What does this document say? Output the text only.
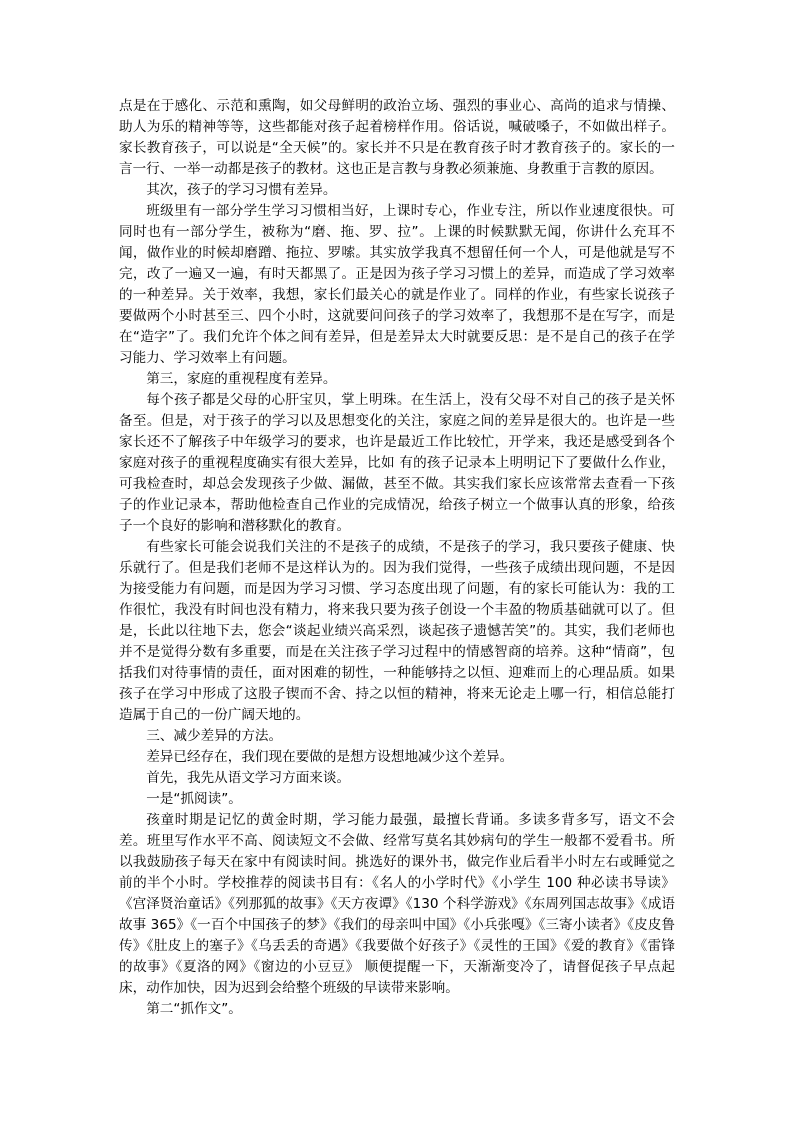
点是在于感化、示范和熏陶，如父母鲜明的政治立场、强烈的事业心、高尚的追求与情操、助人为乐的精神等等，这些都能对孩子起着榜样作用。俗话说，喊破嗓子，不如做出样子。家长教育孩子，可以说是“全天候”的。家长并不只是在教育孩子时才教育孩子的。家长的一言一行、一举一动都是孩子的教材。这也正是言教与身教必须兼施、身教重于言教的原因。

其次，孩子的学习习惯有差异。

班级里有一部分学生学习习惯相当好，上课时专心，作业专注，所以作业速度很快。可同时也有一部分学生，被称为“磨、拖、罗、拉”。上课的时候默默无闻，你讲什么充耳不闻，做作业的时候却磨蹭、拖拉、罗嗦。其实放学我真不想留任何一个人，可是他就是写不完，改了一遍又一遍，有时天都黑了。正是因为孩子学习习惯上的差异，而造成了学习效率的一种差异。关于效率，我想，家长们最关心的就是作业了。同样的作业，有些家长说孩子要做两个小时甚至三、四个小时，这就要问问孩子的学习效率了，我想那不是在写字，而是在“造字”了。我们允许个体之间有差异，但是差异太大时就要反思：是不是自己的孩子在学习能力、学习效率上有问题。

第三，家庭的重视程度有差异。

每个孩子都是父母的心肝宝贝，掌上明珠。在生活上，没有父母不对自己的孩子是关怀备至。但是，对于孩子的学习以及思想变化的关注，家庭之间的差异是很大的。也许是一些家长还不了解孩子中年级学习的要求，也许是最近工作比较忙，开学来，我还是感受到各个家庭对孩子的重视程度确实有很大差异，比如 有的孩子记录本上明明记下了要做什么作业，可我检查时，却总会发现孩子少做、漏做，甚至不做。其实我们家长应该常常去查看一下孩子的作业记录本，帮助他检查自己作业的完成情况，给孩子树立一个做事认真的形象，给孩子一个良好的影响和潜移默化的教育。

有些家长可能会说我们关注的不是孩子的成绩，不是孩子的学习，我只要孩子健康、快乐就行了。但是我们老师不是这样认为的。因为我们觉得，一些孩子成绩出现问题，不是因为接受能力有问题，而是因为学习习惯、学习态度出现了问题，有的家长可能认为：我的工作很忙，我没有时间也没有精力，将来我只要为孩子创设一个丰盈的物质基础就可以了。但是，长此以往地下去，您会“谈起业绩兴高采烈，谈起孩子遗憾苦笑”的。其实，我们老师也并不是觉得分数有多重要，而是在关注孩子学习过程中的情感智商的培养。这种“情商”，包括我们对待事情的责任，面对困难的韧性，一种能够持之以恒、迎难而上的心理品质。如果孩子在学习中形成了这股子锲而不舍、持之以恒的精神，将来无论走上哪一行，相信总能打造属于自己的一份广阔天地的。

三、减少差异的方法。

差异已经存在，我们现在要做的是想方设想地减少这个差异。

首先，我先从语文学习方面来谈。

一是“抓阅读”。

孩童时期是记忆的黄金时期，学习能力最强，最擅长背诵。多读多背多写，语文不会差。班里写作水平不高、阅读短文不会做、经常写莫名其妙病句的学生一般都不爱看书。所以我鼓励孩子每天在家中有阅读时间。挑选好的课外书，做完作业后看半小时左右或睡觉之前的半个小时。学校推荐的阅读书目有：《名人的小学时代》《小学生 100 种必读书导读》《宫泽贤治童话》《列那狐的故事》《天方夜谭》《130 个科学游戏》《东周列国志故事》《成语故事 365》《一百个中国孩子的梦》《我们的母亲叫中国》《小兵张嘎》《三寄小读者》《皮皮鲁传》《肚皮上的塞子》《乌丢丢的奇遇》《我要做个好孩子》《灵性的王国》《爱的教育》《雷锋的故事》《夏洛的网》《窗边的小豆豆》 顺便提醒一下，天渐渐变冷了，请督促孩子早点起床，动作加快，因为迟到会给整个班级的早读带来影响。

第二“抓作文”。
